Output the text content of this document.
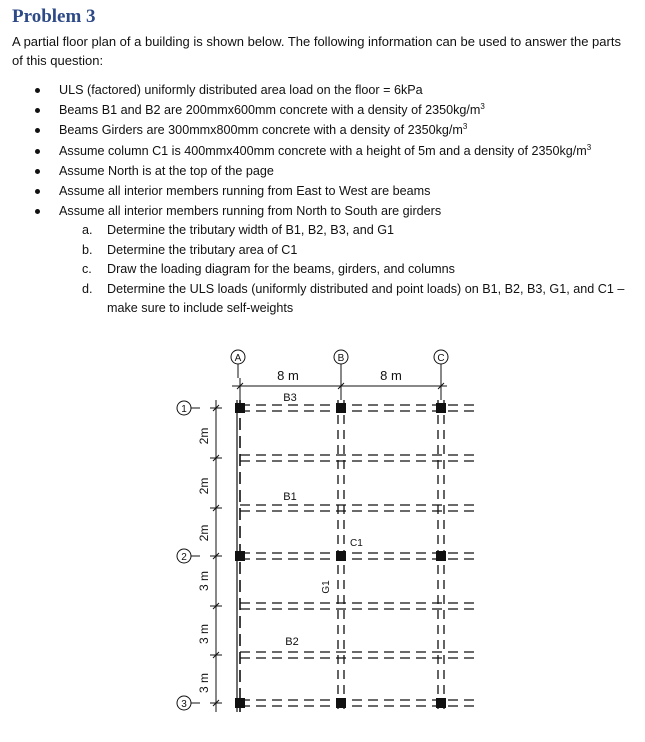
Problem 3

A partial floor plan of a building is shown below. The following information can be used to answer the parts of this question:

ULS (factored) uniformly distributed area load on the floor = 6kPa
Beams B1 and B2 are 200mmx600mm concrete with a density of $2350kg/m^3$
Beams Girders are 300mmx800mm concrete with a density of $2350kg/m^3$
Assume column C1 is 400mmx400mm concrete with a height of 5m and a density of $2350kg/m^3$
Assume North is at the top of the page
Assume all interior members running from East to West are beams
Assume all interior members running from North to South are girders
a. Determine the tributary width of B1, B2, B3, and G1
b. Determine the tributary area of C1
c. Draw the loading diagram for the beams, girders, and columns
d. Determine the ULS loads (uniformly distributed and point loads) on B1, B2, B3, G1, and C1 – make sure to include self-weights
A	B	C
1
2
3
8 m	8 m
B3
B1
B2
C1
G1
2m
2m
2m
3 m
3 m
3 m
